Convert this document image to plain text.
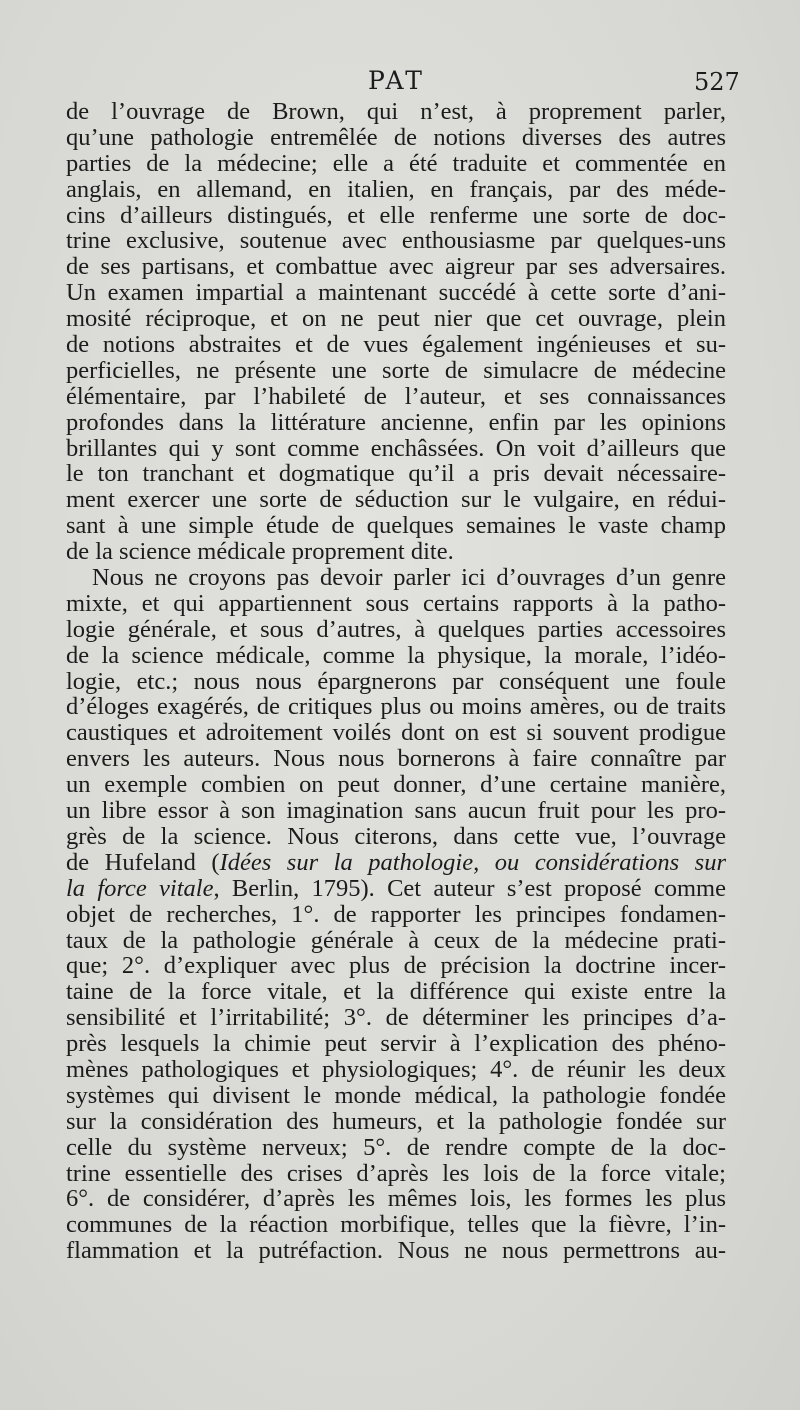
PAT	527
de l’ouvrage de Brown, qui n’est, à proprement parler,
qu’une pathologie entremêlée de notions diverses des autres
parties de la médecine; elle a été traduite et commentée en
anglais, en allemand, en italien, en français, par des méde-
cins d’ailleurs distingués, et elle renferme une sorte de doc-
trine exclusive, soutenue avec enthousiasme par quelques-uns
de ses partisans, et combattue avec aigreur par ses adversaires.
Un examen impartial a maintenant succédé à cette sorte d’ani-
mosité réciproque, et on ne peut nier que cet ouvrage, plein
de notions abstraites et de vues également ingénieuses et su-
perficielles, ne présente une sorte de simulacre de médecine
élémentaire, par l’habileté de l’auteur, et ses connaissances
profondes dans la littérature ancienne, enfin par les opinions
brillantes qui y sont comme enchâssées. On voit d’ailleurs que
le ton tranchant et dogmatique qu’il a pris devait nécessaire-
ment exercer une sorte de séduction sur le vulgaire, en rédui-
sant à une simple étude de quelques semaines le vaste champ
de la science médicale proprement dite.
Nous ne croyons pas devoir parler ici d’ouvrages d’un genre
mixte, et qui appartiennent sous certains rapports à la patho-
logie générale, et sous d’autres, à quelques parties accessoires
de la science médicale, comme la physique, la morale, l’idéo-
logie, etc.; nous nous épargnerons par conséquent une foule
d’éloges exagérés, de critiques plus ou moins amères, ou de traits
caustiques et adroitement voilés dont on est si souvent prodigue
envers les auteurs. Nous nous bornerons à faire connaître par
un exemple combien on peut donner, d’une certaine manière,
un libre essor à son imagination sans aucun fruit pour les pro-
grès de la science. Nous citerons, dans cette vue, l’ouvrage
de Hufeland (Idées sur la pathologie, ou considérations sur
la force vitale, Berlin, 1795). Cet auteur s’est proposé comme
objet de recherches, 1°. de rapporter les principes fondamen-
taux de la pathologie générale à ceux de la médecine prati-
que; 2°. d’expliquer avec plus de précision la doctrine incer-
taine de la force vitale, et la différence qui existe entre la
sensibilité et l’irritabilité; 3°. de déterminer les principes d’a-
près lesquels la chimie peut servir à l’explication des phéno-
mènes pathologiques et physiologiques; 4°. de réunir les deux
systèmes qui divisent le monde médical, la pathologie fondée
sur la considération des humeurs, et la pathologie fondée sur
celle du système nerveux; 5°. de rendre compte de la doc-
trine essentielle des crises d’après les lois de la force vitale;
6°. de considérer, d’après les mêmes lois, les formes les plus
communes de la réaction morbifique, telles que la fièvre, l’in-
flammation et la putréfaction. Nous ne nous permettrons au-
